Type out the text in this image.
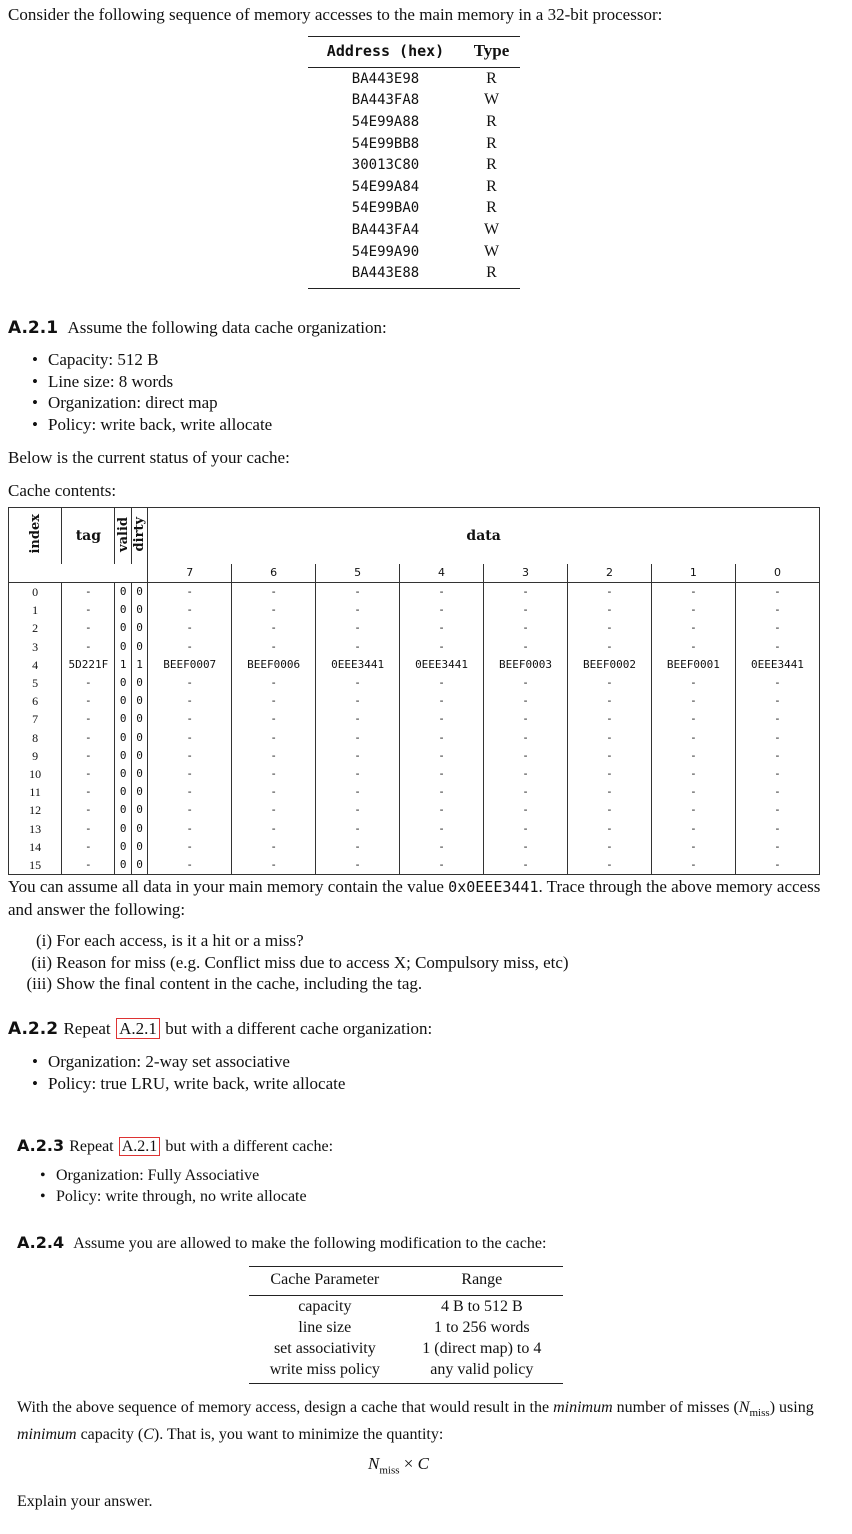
Consider the following sequence of memory accesses to the main memory in a 32-bit processor:

Address (hex)	Type
BA443E98	R
BA443FA8	W
54E99A88	R
54E99BB8	R
30013C80	R
54E99A84	R
54E99BA0	R
BA443FA4	W
54E99A90	W
BA443E88	R

A.2.1 Assume the following data cache organization:

• Capacity: 512 B
• Line size: 8 words
• Organization: direct map
• Policy: write back, write allocate

Below is the current status of your cache:

Cache contents:

index	tag	valid	dirty	data							
				7	6	5	4	3	2	1	0
0	-	0	0	-	-	-	-	-	-	-	-
1	-	0	0	-	-	-	-	-	-	-	-
2	-	0	0	-	-	-	-	-	-	-	-
3	-	0	0	-	-	-	-	-	-	-	-
4	5D221F	1	1	BEEF0007	BEEF0006	0EEE3441	0EEE3441	BEEF0003	BEEF0002	BEEF0001	0EEE3441
5	-	0	0	-	-	-	-	-	-	-	-
6	-	0	0	-	-	-	-	-	-	-	-
7	-	0	0	-	-	-	-	-	-	-	-
8	-	0	0	-	-	-	-	-	-	-	-
9	-	0	0	-	-	-	-	-	-	-	-
10	-	0	0	-	-	-	-	-	-	-	-
11	-	0	0	-	-	-	-	-	-	-	-
12	-	0	0	-	-	-	-	-	-	-	-
13	-	0	0	-	-	-	-	-	-	-	-
14	-	0	0	-	-	-	-	-	-	-	-
15	-	0	0	-	-	-	-	-	-	-	-

You can assume all data in your main memory contain the value 0x0EEE3441. Trace through the above memory access and answer the following:

(i) For each access, is it a hit or a miss?
(ii) Reason for miss (e.g. Conflict miss due to access X; Compulsory miss, etc)
(iii) Show the final content in the cache, including the tag.

A.2.2 Repeat A.2.1 but with a different cache organization:

• Organization: 2-way set associative
• Policy: true LRU, write back, write allocate

A.2.3 Repeat A.2.1 but with a different cache:

• Organization: Fully Associative
• Policy: write through, no write allocate

A.2.4 Assume you are allowed to make the following modification to the cache:

Cache Parameter	Range
capacity	4 B to 512 B
line size	1 to 256 words
set associativity	1 (direct map) to 4
write miss policy	any valid policy

With the above sequence of memory access, design a cache that would result in the minimum number of misses $(N_{miss})$ using minimum capacity (C). That is, you want to minimize the quantity:

$N_{miss} \times C$

Explain your answer.
